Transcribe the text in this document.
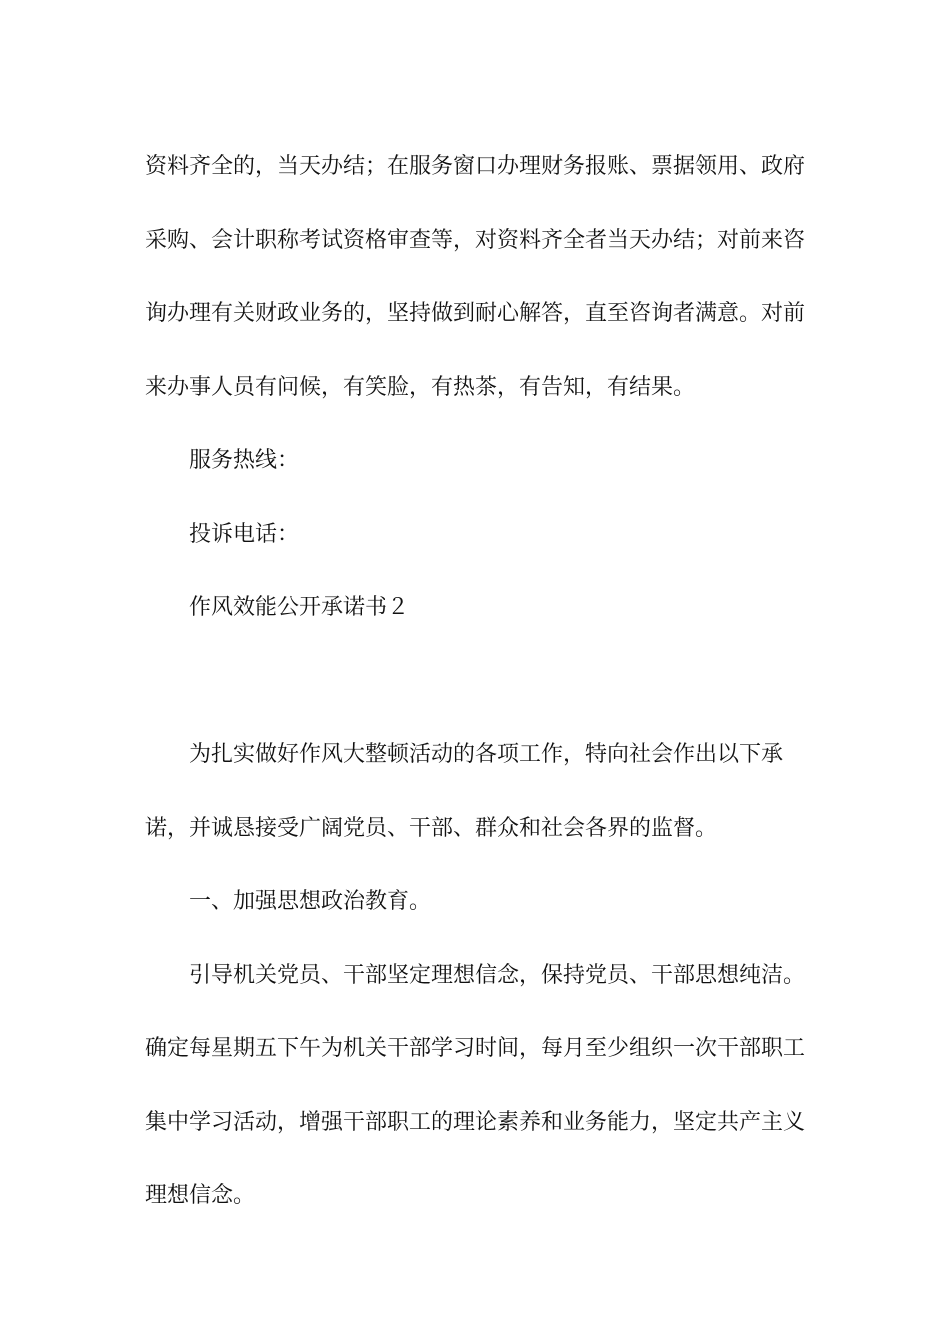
资料齐全的，当天办结；在服务窗口办理财务报账、票据领用、政府采购、会计职称考试资格审查等，对资料齐全者当天办结；对前来咨询办理有关财政业务的，坚持做到耐心解答，直至咨询者满意。对前来办事人员有问候，有笑脸，有热茶，有告知，有结果。

服务热线：

投诉电话：

作风效能公开承诺书２

为扎实做好作风大整顿活动的各项工作，特向社会作出以下承诺，并诚恳接受广阔党员、干部、群众和社会各界的监督。

一、加强思想政治教育。

引导机关党员、干部坚定理想信念，保持党员、干部思想纯洁。确定每星期五下午为机关干部学习时间，每月至少组织一次干部职工集中学习活动，增强干部职工的理论素养和业务能力，坚定共产主义理想信念。
